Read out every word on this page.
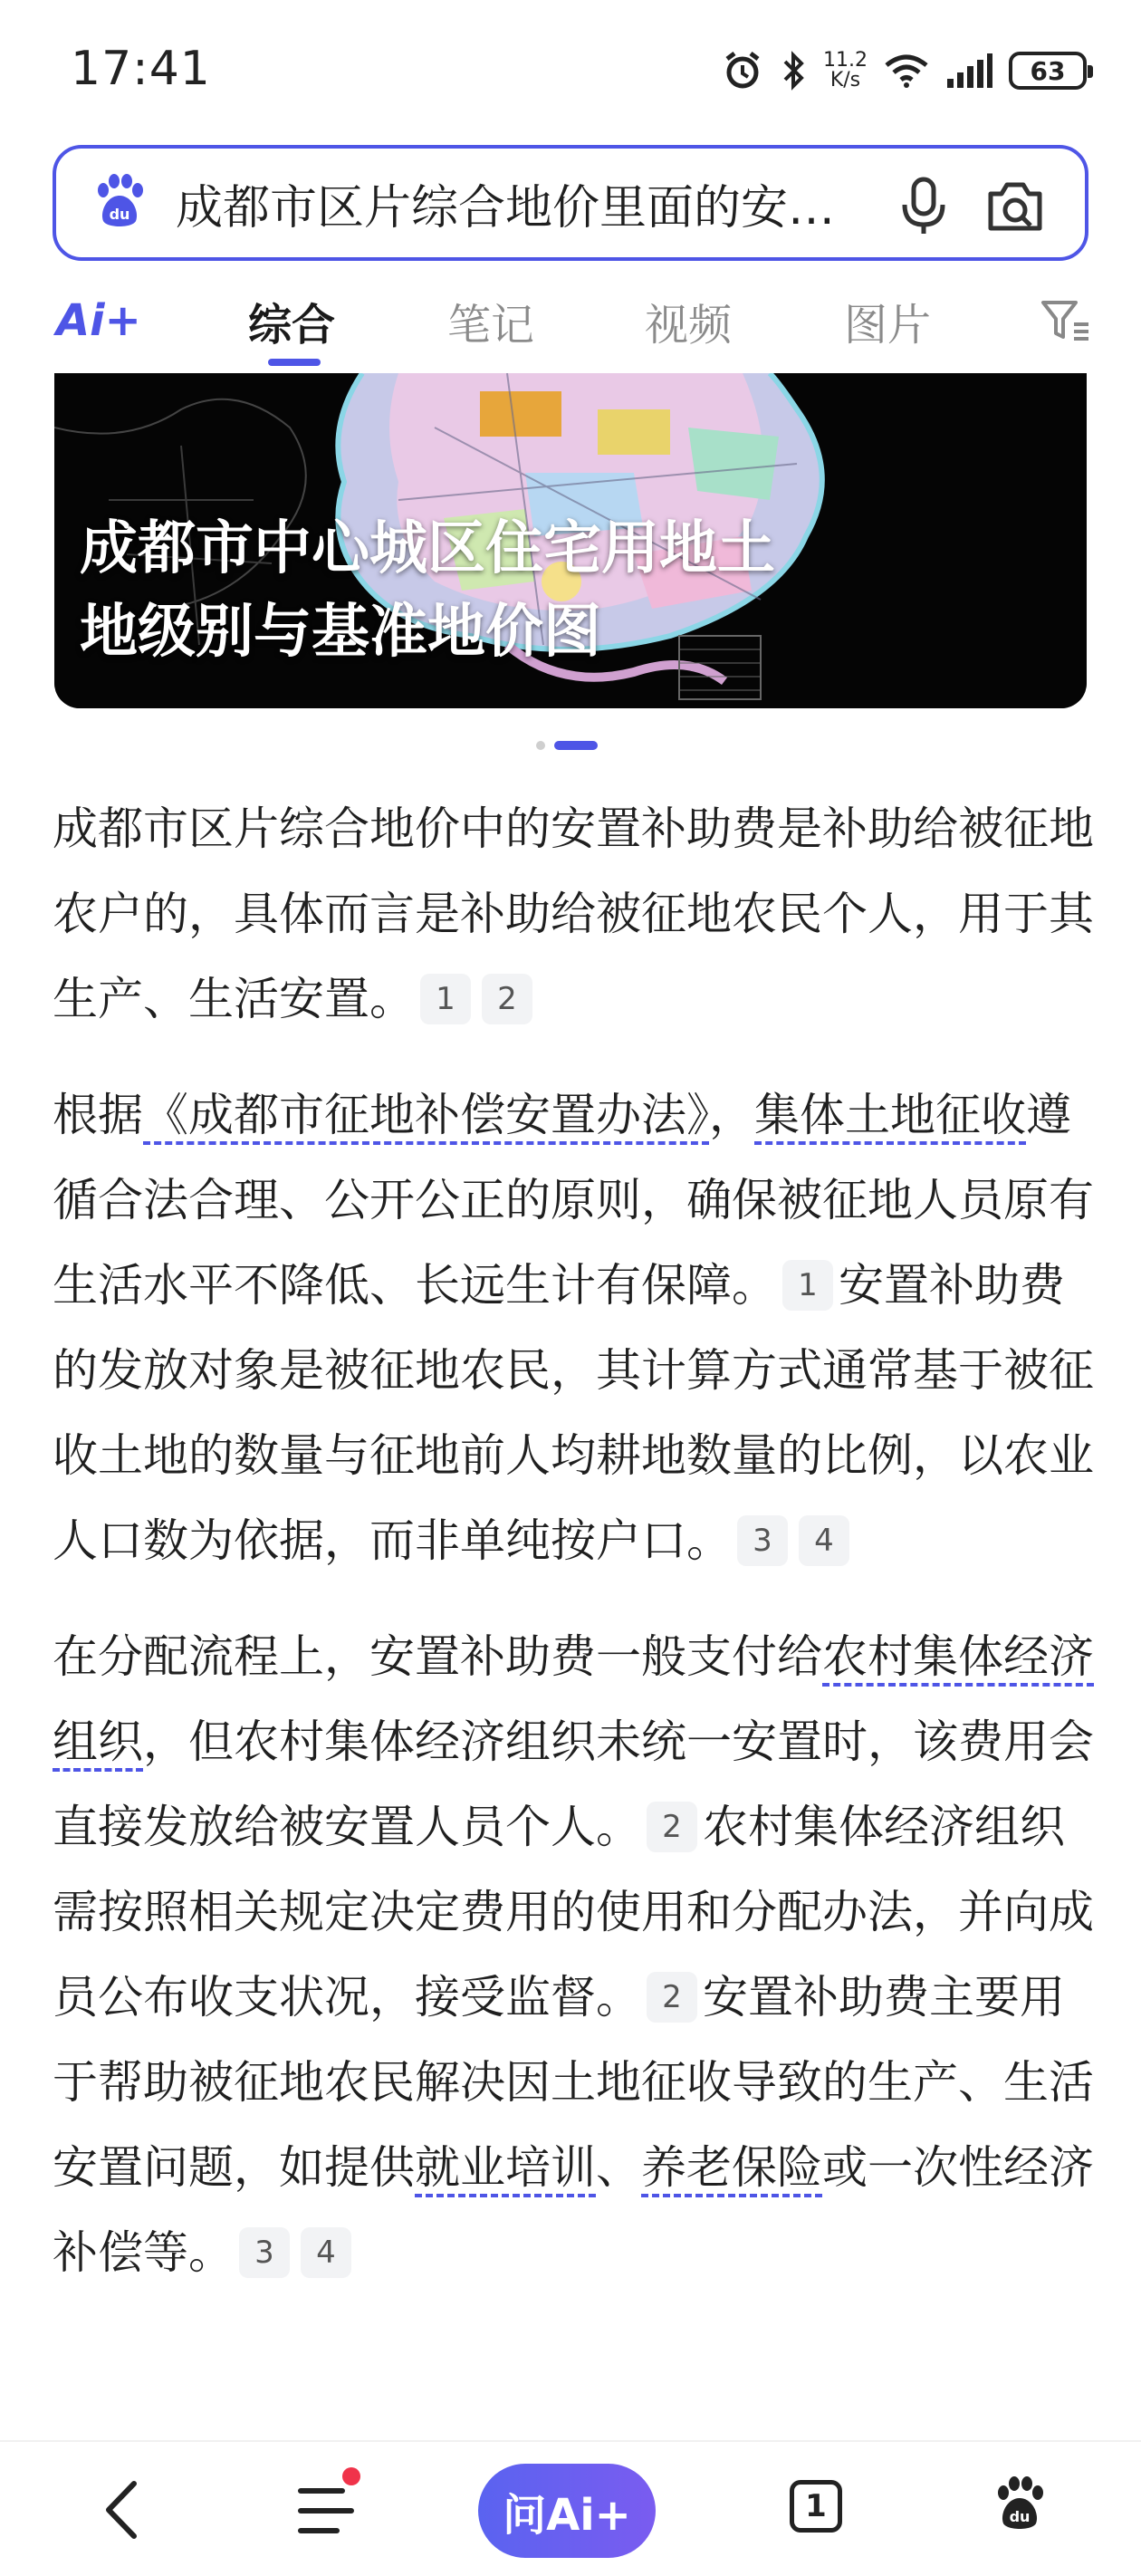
17:41	11.2
K/s	63
du 成都市区片综合地价里面的安…
Ai+ 综合	笔记	视频	图片
成都市中心城区住宅用地土
地级别与基准地价图

成都市区片综合地价中的安置补助费是补助给被征地农户的，具体而言是补助给被征地农民个人，用于其生产、生活安置。 1 2

根据《成都市征地补偿安置办法》，集体土地征收遵循合法合理、公开公正的原则，确保被征地人员原有生活水平不降低、长远生计有保障。 1 安置补助费的发放对象是被征地农民，其计算方式通常基于被征收土地的数量与征地前人均耕地数量的比例，以农业人口数为依据，而非单纯按户口。 3 4

在分配流程上，安置补助费一般支付给农村集体经济组织，但农村集体经济组织未统一安置时，该费用会直接发放给被安置人员个人。 2 农村集体经济组织需按照相关规定决定费用的使用和分配办法，并向成员公布收支状况，接受监督。 2 安置补助费主要用于帮助被征地农民解决因土地征收导致的生产、生活安置问题，如提供就业培训、养老保险或一次性经济补偿等。 3 4

问Ai+	1	du
